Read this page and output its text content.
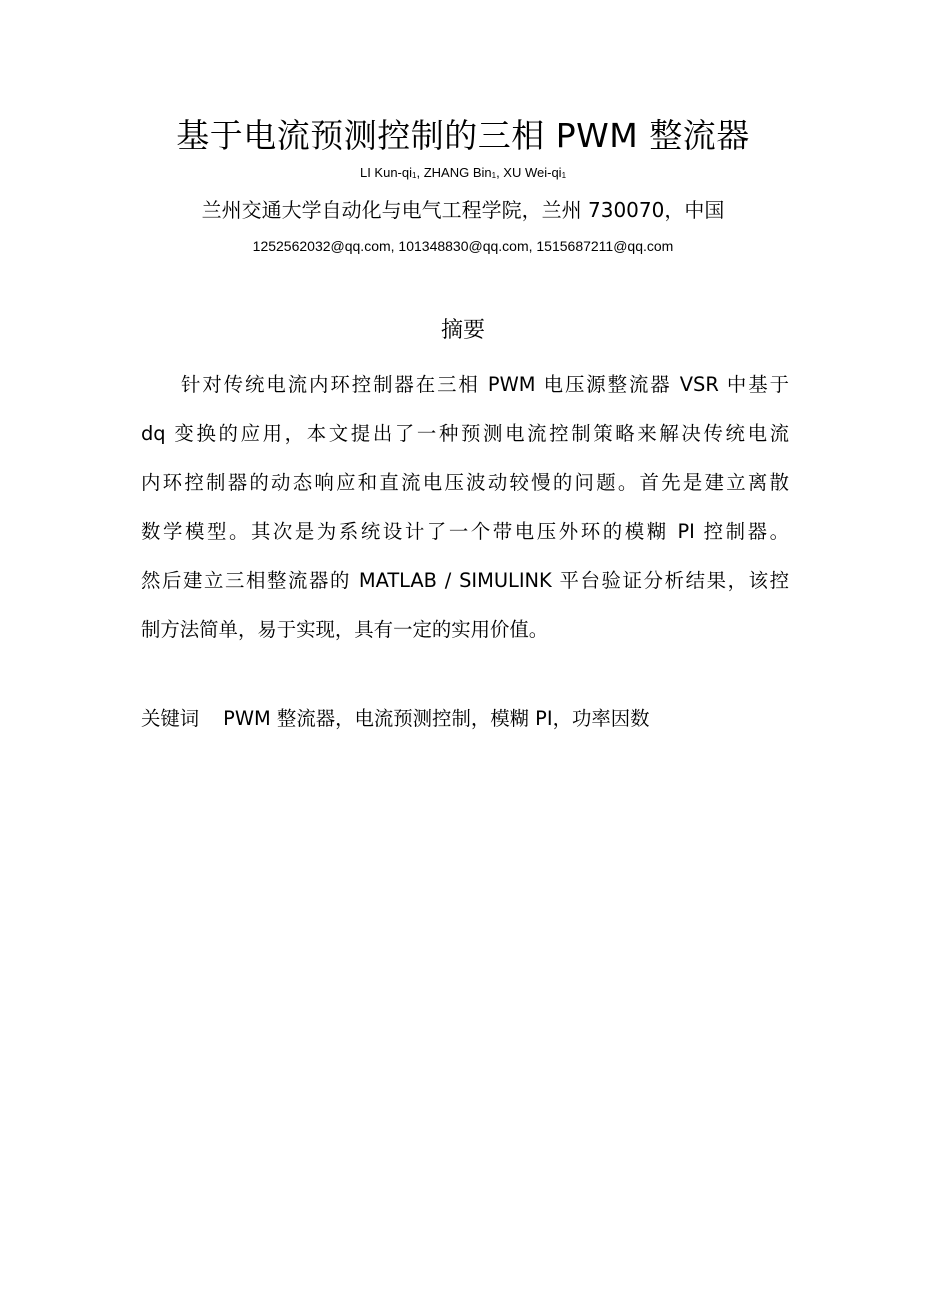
基于电流预测控制的三相 PWM 整流器
LI Kun-$qi_1$, ZHANG Bin$_1$, XU Wei-$qi_1$
兰州交通大学自动化与电气工程学院，兰州 730070，中国
1252562032@qq.com, 101348830@qq.com, 1515687211@qq.com
摘要
针对传统电流内环控制器在三相 PWM 电压源整流器 VSR 中基于
dq 变换的应用，本文提出了一种预测电流控制策略来解决传统电流
内环控制器的动态响应和直流电压波动较慢的问题。首先是建立离散
数学模型。其次是为系统设计了一个带电压外环的模糊 PI 控制器。
然后建立三相整流器的 MATLAB / SIMULINK 平台验证分析结果，该控
制方法简单，易于实现，具有一定的实用价值。
关键词 PWM 整流器，电流预测控制，模糊 PI，功率因数
